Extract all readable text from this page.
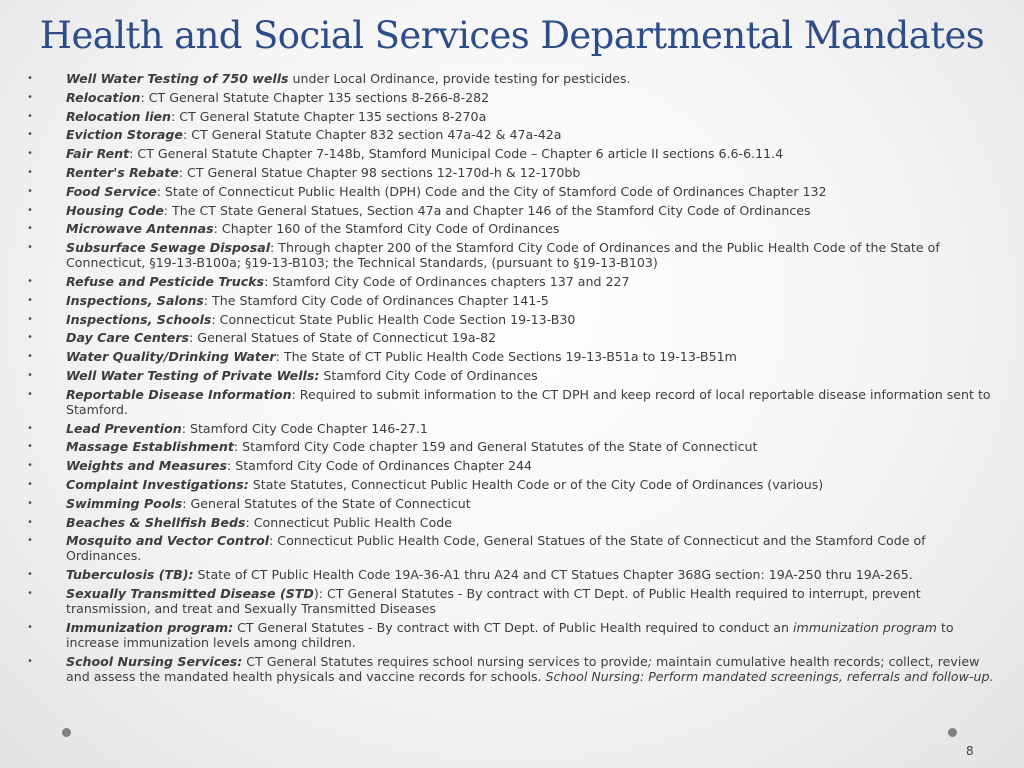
Health and Social Services Departmental Mandates
•	Well Water Testing of 750 wells under Local Ordinance, provide testing for pesticides.
•	Relocation: CT General Statute Chapter 135 sections 8-266-8-282
•	Relocation lien: CT General Statute Chapter 135 sections 8-270a
•	Eviction Storage: CT General Statute Chapter 832 section 47a-42 & 47a-42a
•	Fair Rent: CT General Statute Chapter 7-148b, Stamford Municipal Code – Chapter 6 article II sections 6.6-6.11.4
•	Renter's Rebate: CT General Statue Chapter 98 sections 12-170d-h & 12-170bb
•	Food Service: State of Connecticut Public Health (DPH) Code and the City of Stamford Code of Ordinances Chapter 132
•	Housing Code: The CT State General Statues, Section 47a and Chapter 146 of the Stamford City Code of Ordinances
•	Microwave Antennas: Chapter 160 of the Stamford City Code of Ordinances
•	Subsurface Sewage Disposal: Through chapter 200 of the Stamford City Code of Ordinances and the Public Health Code of the State of Connecticut, §19-13-B100a; §19-13-B103; the Technical Standards, (pursuant to §19-13-B103)
•	Refuse and Pesticide Trucks: Stamford City Code of Ordinances chapters 137 and 227
•	Inspections, Salons: The Stamford City Code of Ordinances Chapter 141-5
•	Inspections, Schools: Connecticut State Public Health Code Section 19-13-B30
•	Day Care Centers: General Statues of State of Connecticut 19a-82
•	Water Quality/Drinking Water: The State of CT Public Health Code Sections 19-13-B51a to 19-13-B51m
•	Well Water Testing of Private Wells: Stamford City Code of Ordinances
•	Reportable Disease Information: Required to submit information to the CT DPH and keep record of local reportable disease information sent to Stamford.
•	Lead Prevention: Stamford City Code Chapter 146-27.1
•	Massage Establishment: Stamford City Code chapter 159 and General Statutes of the State of Connecticut
•	Weights and Measures: Stamford City Code of Ordinances Chapter 244
•	Complaint Investigations: State Statutes, Connecticut Public Health Code or of the City Code of Ordinances (various)
•	Swimming Pools: General Statutes of the State of Connecticut
•	Beaches & Shellfish Beds: Connecticut Public Health Code
•	Mosquito and Vector Control: Connecticut Public Health Code, General Statues of the State of Connecticut and the Stamford Code of Ordinances.
•	Tuberculosis (TB): State of CT Public Health Code 19A-36-A1 thru A24 and CT Statues Chapter 368G section: 19A-250 thru 19A-265.
•	Sexually Transmitted Disease (STD): CT General Statutes - By contract with CT Dept. of Public Health required to interrupt, prevent transmission, and treat and Sexually Transmitted Diseases
•	Immunization program: CT General Statutes - By contract with CT Dept. of Public Health required to conduct an immunization program to increase immunization levels among children.
•	School Nursing Services: CT General Statutes requires school nursing services to provide; maintain cumulative health records; collect, review and assess the mandated health physicals and vaccine records for schools. School Nursing: Perform mandated screenings, referrals and follow-up.
8
